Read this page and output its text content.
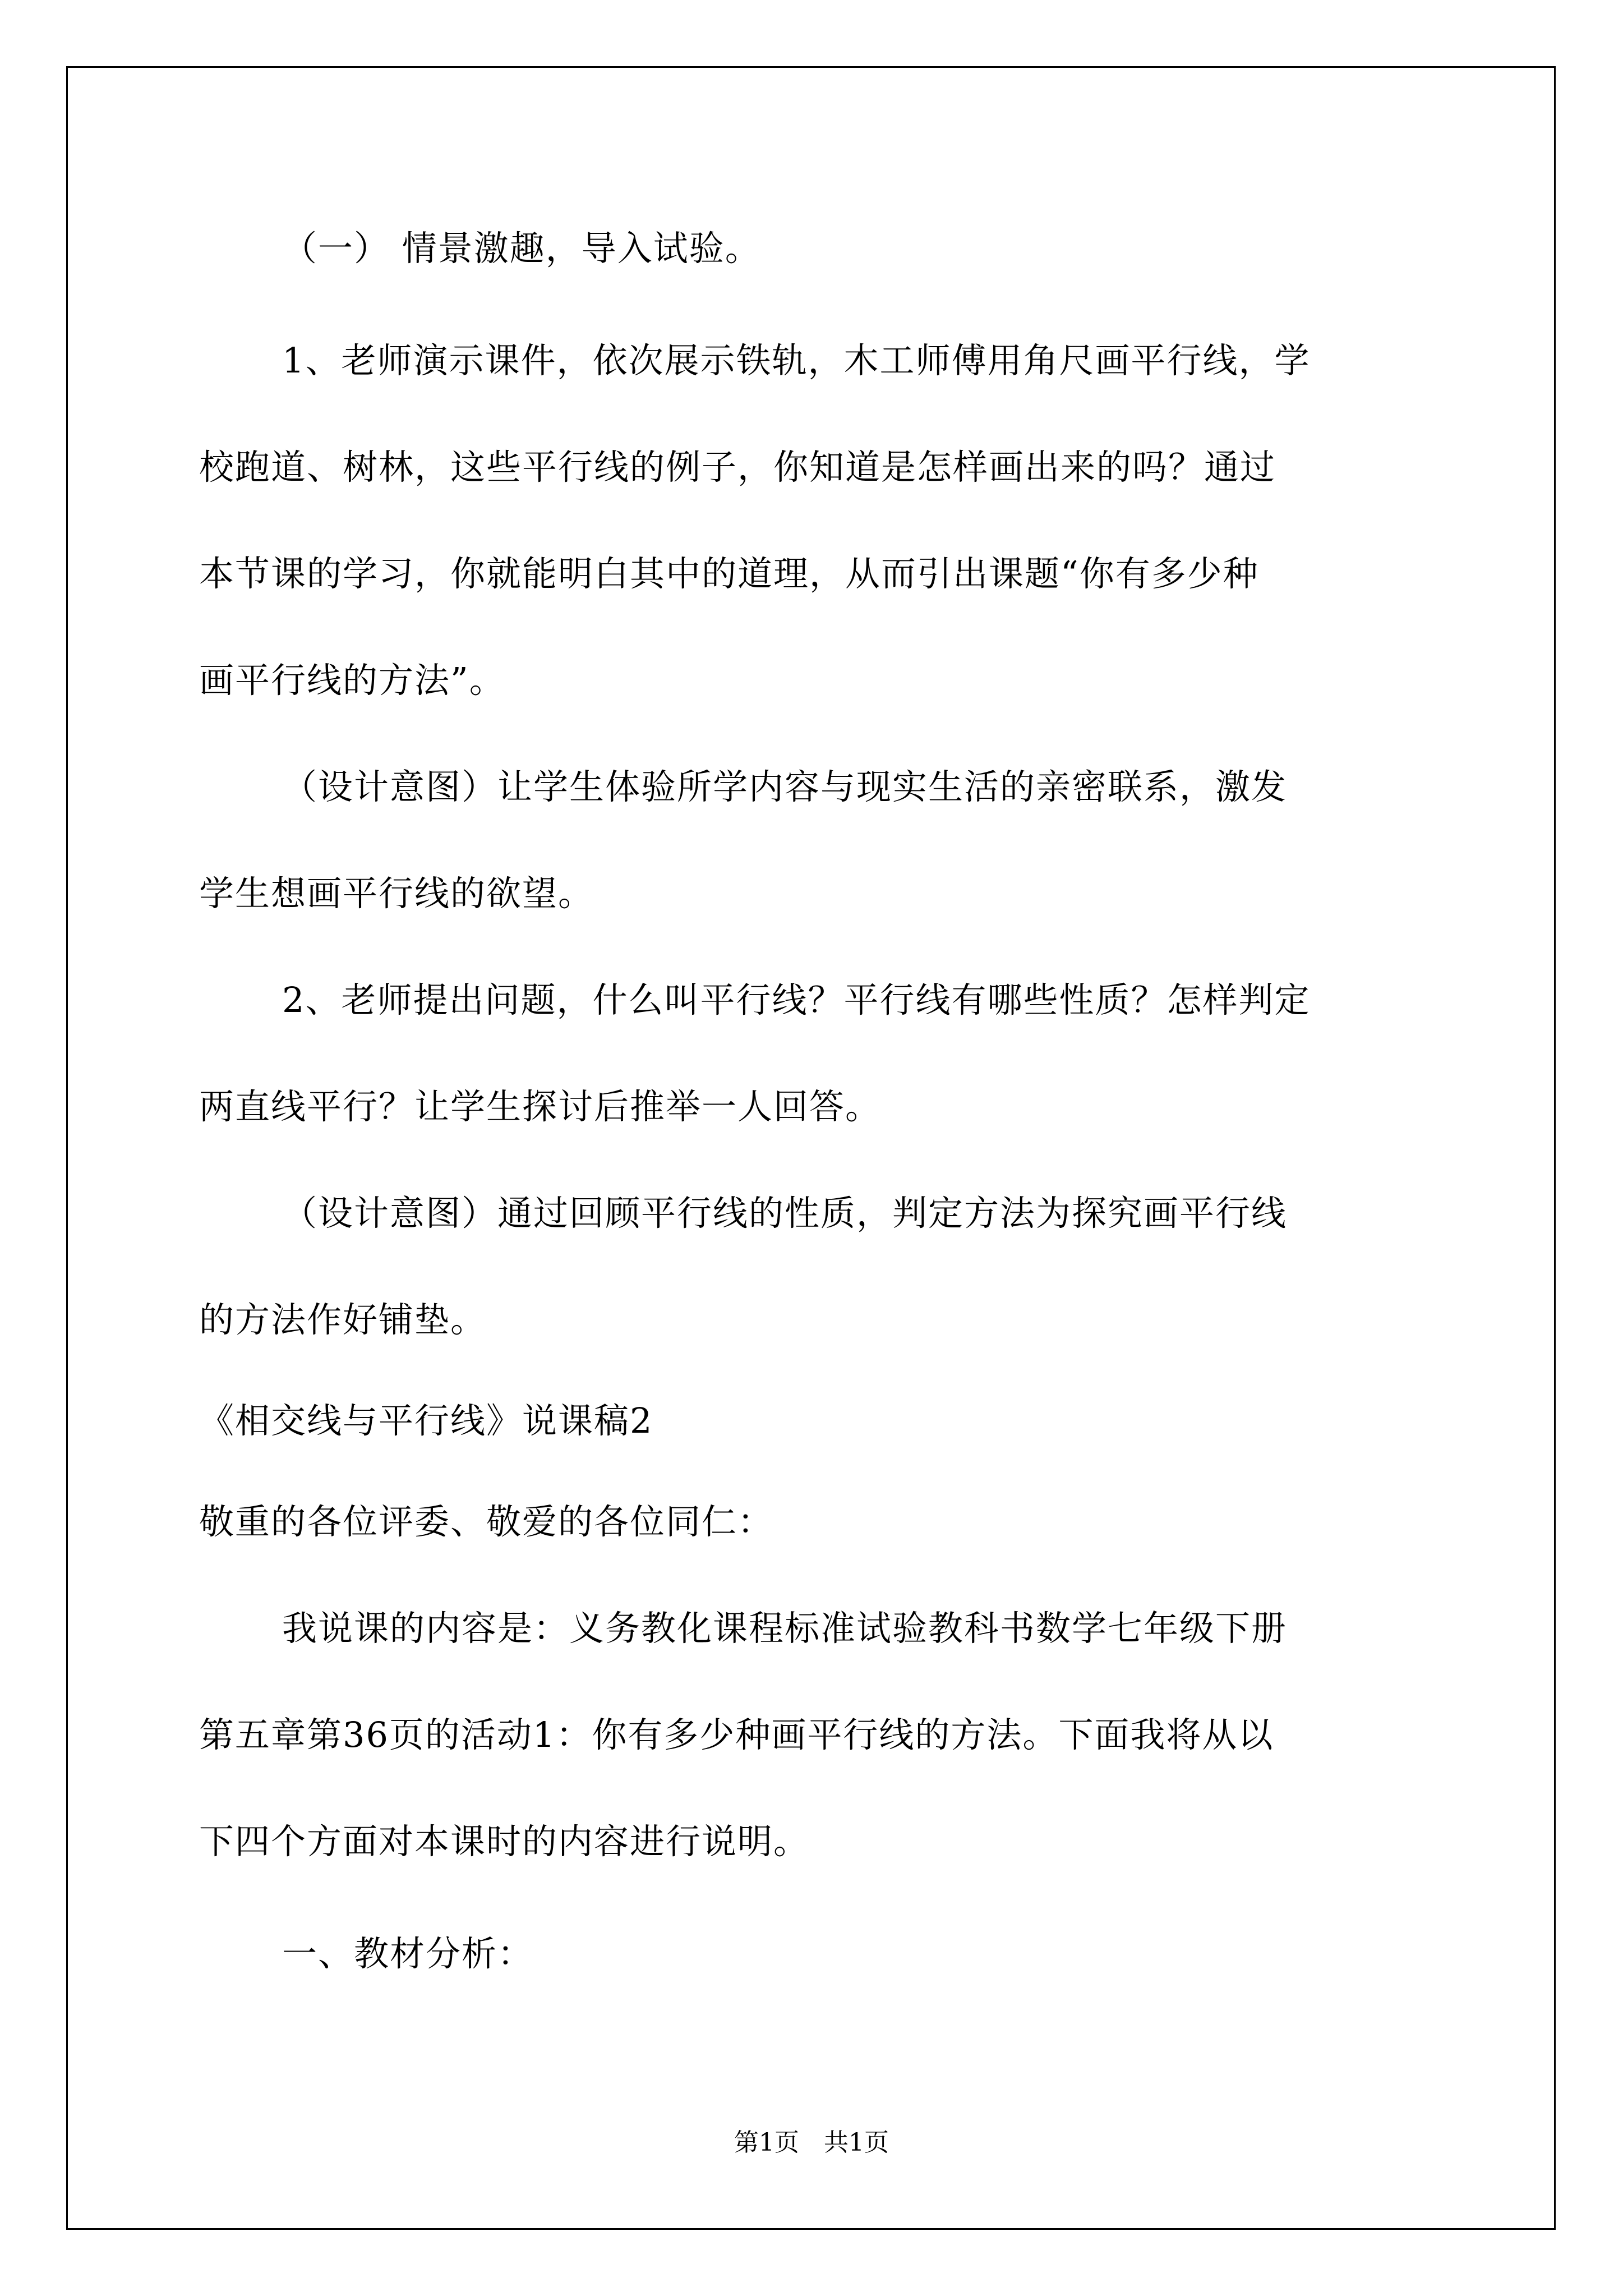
（一） 情景激趣，导入试验。

1、老师演示课件，依次展示铁轨，木工师傅用角尺画平行线，学

校跑道、树林，这些平行线的例子，你知道是怎样画出来的吗？通过

本节课的学习，你就能明白其中的道理，从而引出课题“你有多少种

画平行线的方法”。

（设计意图）让学生体验所学内容与现实生活的亲密联系，激发

学生想画平行线的欲望。

2、老师提出问题，什么叫平行线？平行线有哪些性质？怎样判定

两直线平行？让学生探讨后推举一人回答。

（设计意图）通过回顾平行线的性质，判定方法为探究画平行线

的方法作好铺垫。

《相交线与平行线》说课稿2

敬重的各位评委、敬爱的各位同仁：

我说课的内容是：义务教化课程标准试验教科书数学七年级下册

第五章第36页的活动1：你有多少种画平行线的方法。下面我将从以

下四个方面对本课时的内容进行说明。

一、教材分析：

第1页　共1页
